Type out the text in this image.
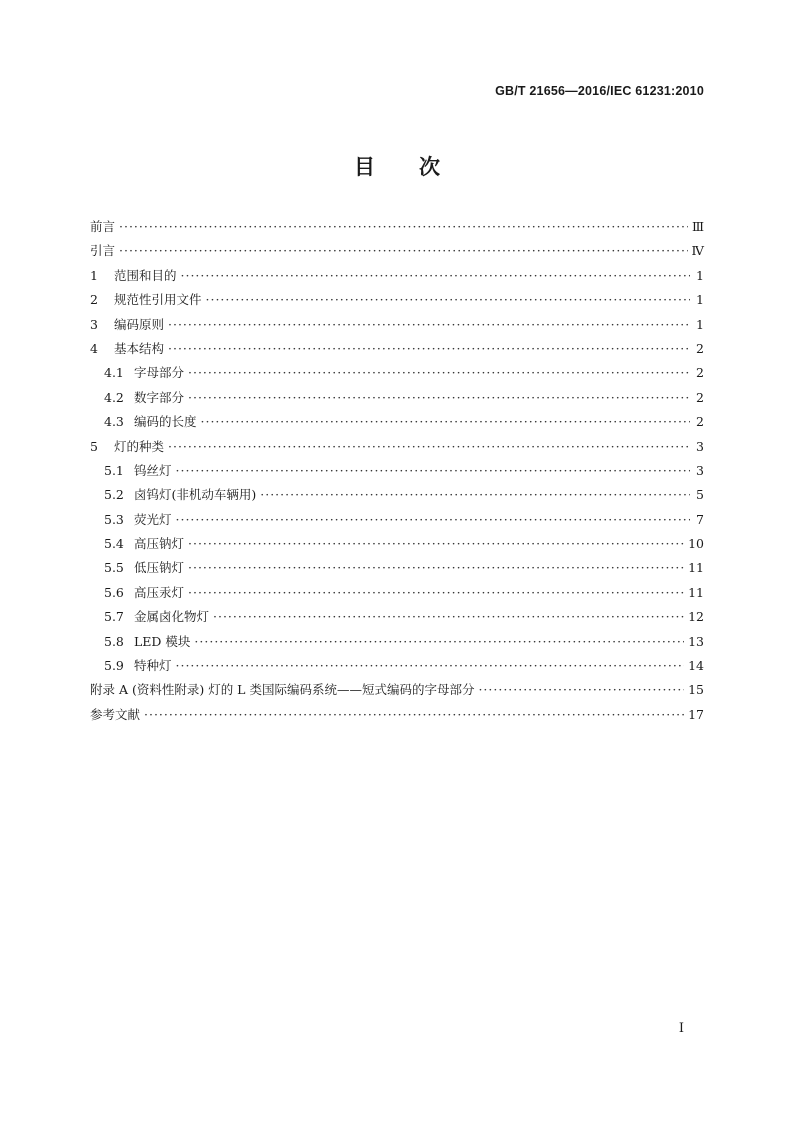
GB/T 21656—2016/IEC 61231:2010
目 次
前言 ·····	Ⅲ
引言 ·····	Ⅳ
1	范围和目的 ·····	1
2	规范性引用文件 ·····	1
3	编码原则 ·····	1
4	基本结构 ·····	2
4.1 字母部分 ·····	2
4.2 数字部分 ·····	2
4.3 编码的长度 ·····	2
5	灯的种类 ·····	3
5.1 钨丝灯 ·····	3
5.2 卤钨灯(非机动车辆用) ·····	5
5.3 荧光灯 ·····	7
5.4 高压钠灯 ·····	10
5.5 低压钠灯 ·····	11
5.6 高压汞灯 ·····	11
5.7 金属卤化物灯 ·····	12
5.8 LED 模块 ·····	13
5.9 特种灯 ·····	14
附录 A (资料性附录) 灯的 L 类国际编码系统——短式编码的字母部分 ·····	15
参考文献 ·····	17
I
